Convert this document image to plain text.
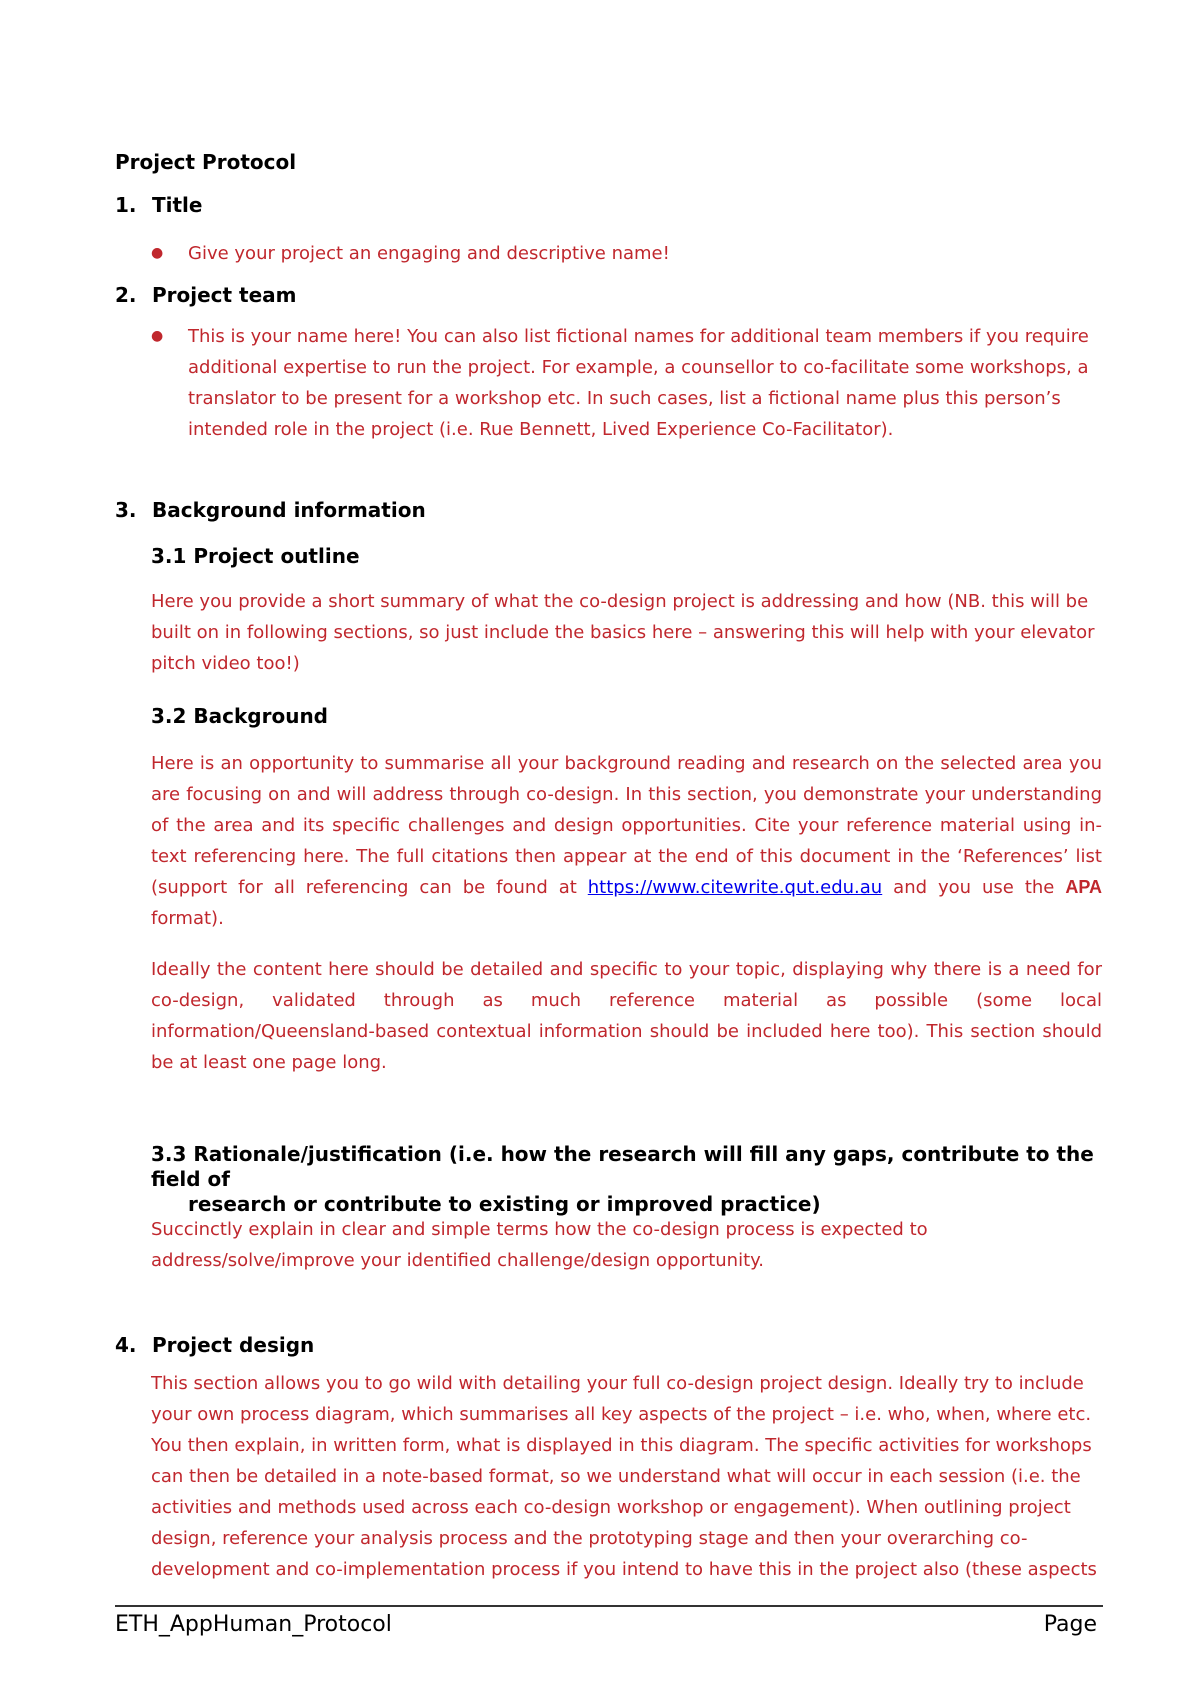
Project Protocol
1. Title
● Give your project an engaging and descriptive name!
2. Project team
● This is your name here! You can also list fictional names for additional team members if you require additional expertise to run the project. For example, a counsellor to co-facilitate some workshops, a translator to be present for a workshop etc. In such cases, list a fictional name plus this person’s intended role in the project (i.e. Rue Bennett, Lived Experience Co-Facilitator).
3. Background information
3.1 Project outline
Here you provide a short summary of what the co-design project is addressing and how (NB. this will be built on in following sections, so just include the basics here – answering this will help with your elevator pitch video too!)
3.2 Background
Here is an opportunity to summarise all your background reading and research on the selected area you are focusing on and will address through co-design. In this section, you demonstrate your understanding of the area and its specific challenges and design opportunities. Cite your reference material using in-text referencing here. The full citations then appear at the end of this document in the ‘References’ list (support for all referencing can be found at https://www.citewrite.qut.edu.au and you use the APA format).
Ideally the content here should be detailed and specific to your topic, displaying why there is a need for co-design, validated through as much reference material as possible (some local information/Queensland-based contextual information should be included here too). This section should be at least one page long.
3.3 Rationale/justification (i.e. how the research will fill any gaps, contribute to the field of
research or contribute to existing or improved practice)
Succinctly explain in clear and simple terms how the co-design process is expected to address/solve/improve your identified challenge/design opportunity.
4. Project design
This section allows you to go wild with detailing your full co-design project design. Ideally try to include your own process diagram, which summarises all key aspects of the project – i.e. who, when, where etc. You then explain, in written form, what is displayed in this diagram. The specific activities for workshops can then be detailed in a note-based format, so we understand what will occur in each session (i.e. the activities and methods used across each co-design workshop or engagement). When outlining project design, reference your analysis process and the prototyping stage and then your overarching co-development and co-implementation process if you intend to have this in the project also (these aspects
ETH_AppHuman_Protocol	Page
